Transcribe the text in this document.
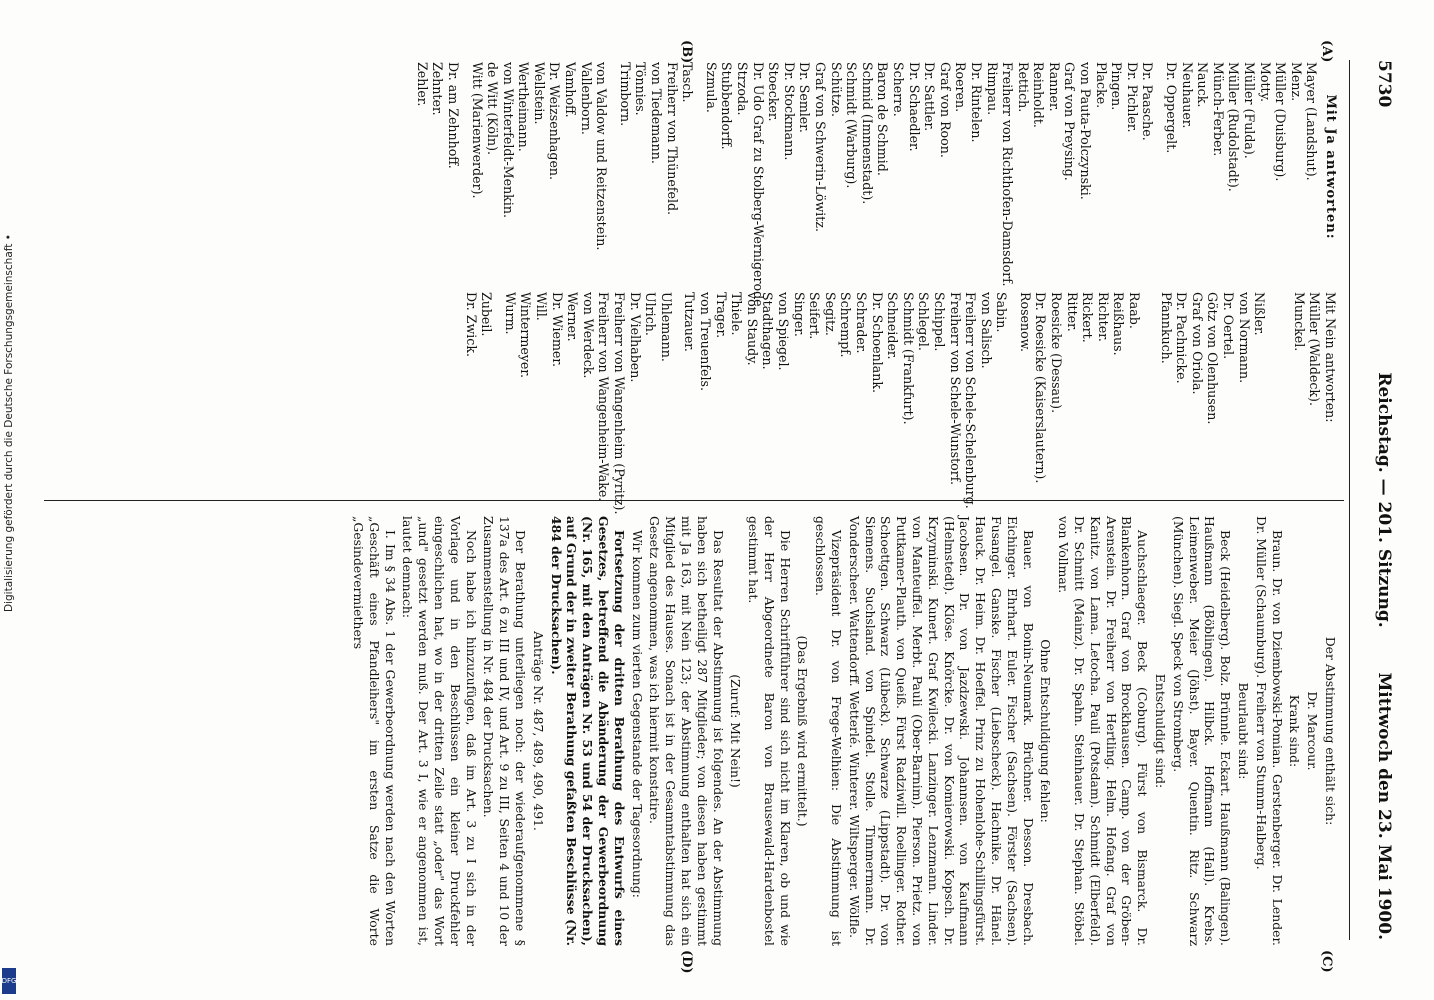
5730
Reichstag. — 201. Sitzung.
Mittwoch den 23. Mai 1900.
(A)
(B)
(C)
(D)
Mit Ja antworten:

Mayer (Landshut).

Menz.

Müller (Duisburg).

Motty.

Müller (Fulda).

Müller (Rudolstadt).

Münch-Ferber.

Nauck.

Neuhauer.

Dr. Oppergelt.

Dr. Paasche.

Dr. Pichler.

Pingen.

Placke.

von Pauta-Polczynski.

Graf von Preysing.

Ranner.

Reinholdt.

Rettich.

Freiherr von Richthofen-Damsdorf.

Rimpau.

Dr. Rintelen.

Roeren.

Graf von Roon.

Dr. Sattler.

Dr. Schaedler.

Scherre.

Baron de Schmid.

Schmid (Immenstadt).

Schmidt (Warburg).

Schütze.

Graf von Schwerin-Löwitz.

Dr. Semler.

Dr. Stockmann.

Stoecker.

Dr. Udo Graf zu Stolberg-Wernigerode.

Strzoda.

Stubbendorff.

Szmula.

Tasch.

Freiherr von Thünefeld.

von Tiedemann.

Tönnies.

Trimborn.

von Valdow und Reitzenstein.

Vallenborn.

Vamhoff.

Dr. Weizsenhagen.

Wellstein.

Wertheimann.

von Winterfeldt-Menkin.

de Witt (Köln).

Witt (Marienwerder).

Dr. am Zehnhoff.

Zehnter.

Zehler.

Mit Nein antworten:

Müller (Waldeck).

Munckel.

Nißler.

von Normann.

Dr. Oertel.

Götz von Olenhusen.

Graf von Oriola.

Dr. Pachnicke.

Pfannkuch.

Raab.

Reißhaus.

Richter.

Rickert.

Ritter.

Roesicke (Dessau).

Dr. Roesicke (Kaiserslautern).

Rosenow.

Sabin.

von Salisch.

Freiherr von Schele-Schelenburg.

Freiherr von Schele-Wunstorf.

Schippel.

Schlegel.

Schmidt (Frankfurt).

Schneider.

Dr. Schoenlank.

Schrader.

Schrempf.

Segitz.

Seifert.

Singer.

von Spiegel.

Stadthagen.

von Staudy.

Thiele.

Trager.

von Treuenfels.

Tutzauer.

Uhlemann.

Ulrich.

Dr. Vielhaben.

Freiherr von Wangenheim (Pyritz).

Freiherr von Wangenheim-Wake.

von Werdeck.

Werner.

Dr. Wiemer.

Will.

Wintermeyer.

Wurm.

Zubeil.

Dr. Zwick.

Der Abstimmung enthält sich:

Dr. Marcour.

Krank sind:

Braun. Dr. von Dziembowski-Pomian. Gerstenberger. Dr. Lender. Dr. Müller (Schaumburg). Freiherr von Stumm-Halberg.

Beurlaubt sind:

Beck (Heidelberg). Bolz. Brünnle. Eckart. Haußmann (Balingen). Haußmann (Böblingen). Hilbck. Hoffmann (Hall). Krebs. Leimenweber. Meier (Jöhst). Bayer. Quentin. Ritz. Schwarz (München). Siegl. Speck von Stromberg.

Entschuldigt sind:

Auchschlaeger. Beck (Coburg). Fürst von Bismarck. Dr. Blankenhorn. Graf von Brockhausen. Camp. von der Gröben-Arenstein. Dr. Freiherr von Hertling. Helm. Hofang. Graf von Kanitz. von Lama. Letocha. Pauli (Potsdam). Schmidt (Elberfeld). Dr. Schmitt (Mainz). Dr. Spahn. Steinhauer. Dr. Stephan. Stöbel. von Vollmar.

Ohne Entschuldigung fehlen:

Bauer. von Bonin-Neumark. Brüchner. Desson. Dresbach. Eichinger. Ehrhart. Euler. Fischer (Sachsen). Förster (Sachsen). Fusangel. Ganske. Fischer (Liebscheck). Hachnike. Dr. Hänel. Hauck. Dr. Heim. Dr. Hoeffel. Prinz zu Hohenlohe-Schillingsfürst. Jacobsen. Dr. von Jazdzewski. Johannsen. von Kaufmann (Helmstedt). Klöse. Knörcke. Dr. von Komierowski. Kopsch. Dr. Krzyminski. Kunert. Graf Kwilecki. Lanzinger. Lenzmann. Linder. von Manteuffel. Merbt. Pauli (Ober-Barnim). Pierson. Prietz. von Puttkamer-Plauth. von Queiß. Fürst Radziwill. Roellinger. Rother. Schoettgen. Schwarz (Lübeck). Schwarze (Lippstadt). Dr. von Siemens. Suchsland. von Spindel. Stolle. Timmermann. Dr. Vonderscheer. Wattendorff. Wetterlé. Winterer. Wiltsperger. Wölfle.

Vizepräsident Dr. von Frege-Welhien: Die Abstimmung ist geschlossen.

(Das Ergebniß wird ermittelt.)

Die Herren Schriftführer sind sich nicht im Klaren, ob und wie der Herr Abgeordnete Baron von Brausewald-Hardenbostel gestimmt hat.

(Zuruf: Mit Nein!)

Das Resultat der Abstimmung ist folgendes. An der Abstimmung haben sich betheiligt 287 Mitglieder; von diesen haben gestimmt mit Ja 163, mit Nein 123; der Abstimmung enthalten hat sich ein Mitglied des Hauses. Sonach ist in der Gesammtabstimmung das Gesetz angenommen, was ich hiermit konstatire.

Wir kommen zum vierten Gegenstande der Tagesordnung:

Fortsetzung der dritten Berathung des Entwurfs eines Gesetzes, betreffend die Abänderung der Gewerbeordnung (Nr. 165, mit den Anträgen Nr. 53 und 54 der Drucksachen), auf Grund der in zweiter Berathung gefaßten Beschlüsse (Nr. 484 der Drucksachen).

Anträge Nr. 487, 489, 490, 491.

Der Berathung unterliegen noch: der wiederaufgenommene § 137a des Art. 6 zu III und IV, und Art. 9 zu III, Seiten 4 und 10 der Zusammenstellung in Nr. 484 der Drucksachen.

Noch habe ich hinzuzufügen, daß im Art. 3 zu I sich in der Vorlage und in den Beschlüssen ein kleiner Druckfehler eingeschlichen hat, wo in der dritten Zeile statt „oder" das Wort „und" gesetzt werden muß. Der Art. 3 I, wie er angenommen ist, lautet demnach:

I. Im § 34 Abs. 1 der Gewerbeordnung werden nach den Worten „Geschäft eines Pfandleihers" im ersten Satze die Worte „Gesindevermiethers

Digitalisierung gefördert durch die Deutsche Forschungsgemeinschaft •
DFG
